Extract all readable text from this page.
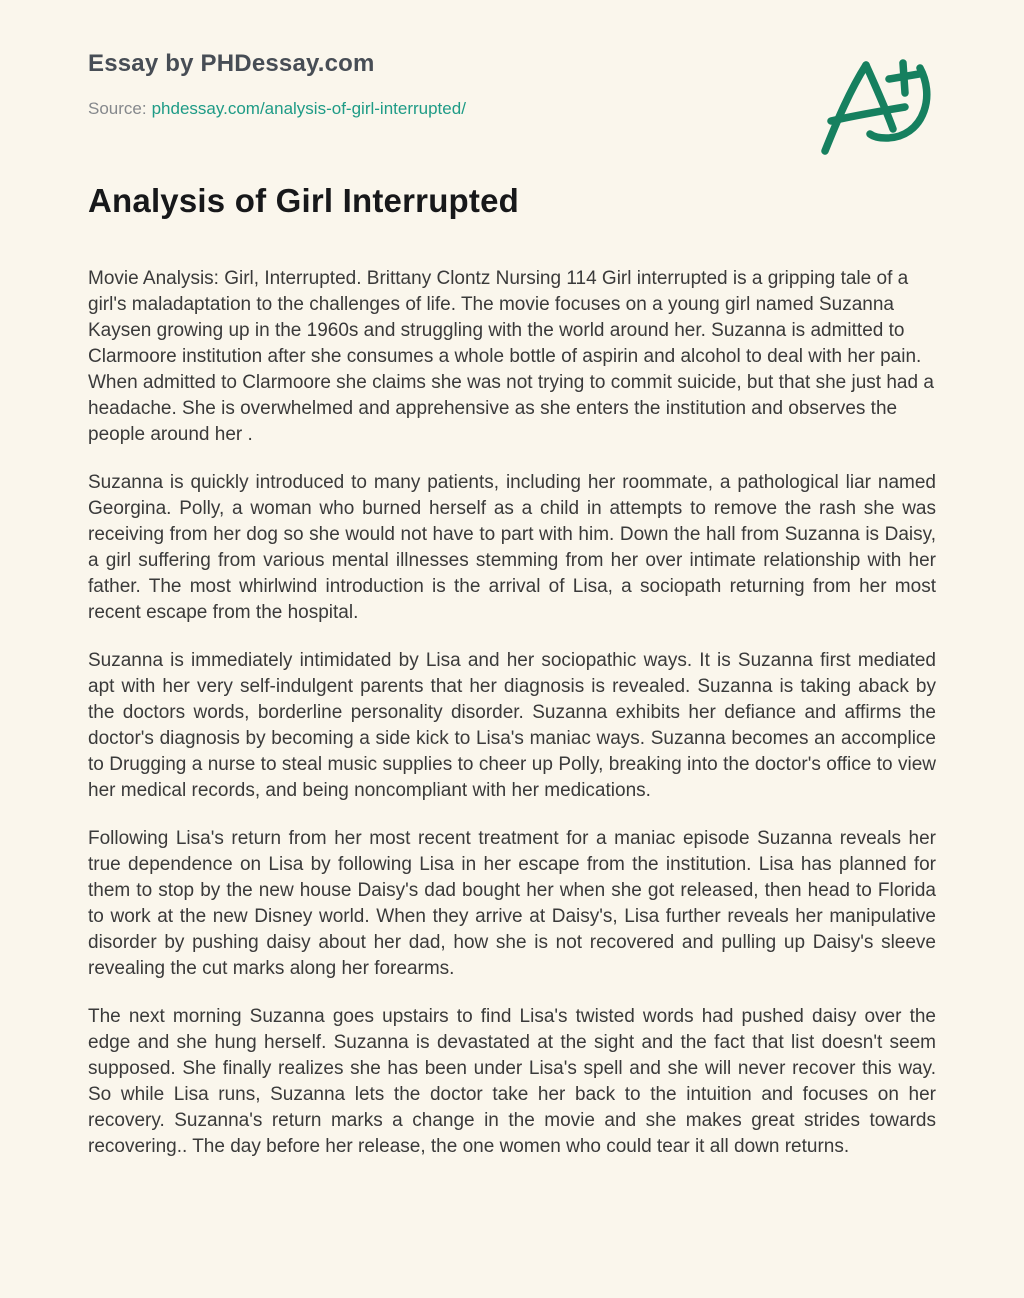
Essay by PHDessay.com
Source: phdessay.com/analysis-of-girl-interrupted/
Analysis of Girl Interrupted

Movie Analysis: Girl, Interrupted. Brittany Clontz Nursing 114 Girl interrupted is a gripping tale of a girl's maladaptation to the challenges of life. The movie focuses on a young girl named Suzanna Kaysen growing up in the 1960s and struggling with the world around her. Suzanna is admitted to Clarmoore institution after she consumes a whole bottle of aspirin and alcohol to deal with her pain. When admitted to Clarmoore she claims she was not trying to commit suicide, but that she just had a headache. She is overwhelmed and apprehensive as she enters the institution and observes the people around her .

Suzanna is quickly introduced to many patients, including her roommate, a pathological liar named Georgina. Polly, a woman who burned herself as a child in attempts to remove the rash she was receiving from her dog so she would not have to part with him. Down the hall from Suzanna is Daisy, a girl suffering from various mental illnesses stemming from her over intimate relationship with her father. The most whirlwind introduction is the arrival of Lisa, a sociopath returning from her most recent escape from the hospital.

Suzanna is immediately intimidated by Lisa and her sociopathic ways. It is Suzanna first mediated apt with her very self-indulgent parents that her diagnosis is revealed. Suzanna is taking aback by the doctors words, borderline personality disorder. Suzanna exhibits her defiance and affirms the doctor's diagnosis by becoming a side kick to Lisa's maniac ways. Suzanna becomes an accomplice to Drugging a nurse to steal music supplies to cheer up Polly, breaking into the doctor's office to view her medical records, and being noncompliant with her medications.

Following Lisa's return from her most recent treatment for a maniac episode Suzanna reveals her true dependence on Lisa by following Lisa in her escape from the institution. Lisa has planned for them to stop by the new house Daisy's dad bought her when she got released, then head to Florida to work at the new Disney world. When they arrive at Daisy's, Lisa further reveals her manipulative disorder by pushing daisy about her dad, how she is not recovered and pulling up Daisy's sleeve revealing the cut marks along her forearms.

The next morning Suzanna goes upstairs to find Lisa's twisted words had pushed daisy over the edge and she hung herself. Suzanna is devastated at the sight and the fact that list doesn't seem supposed. She finally realizes she has been under Lisa's spell and she will never recover this way. So while Lisa runs, Suzanna lets the doctor take her back to the intuition and focuses on her recovery. Suzanna's return marks a change in the movie and she makes great strides towards recovering.. The day before her release, the one women who could tear it all down returns.
